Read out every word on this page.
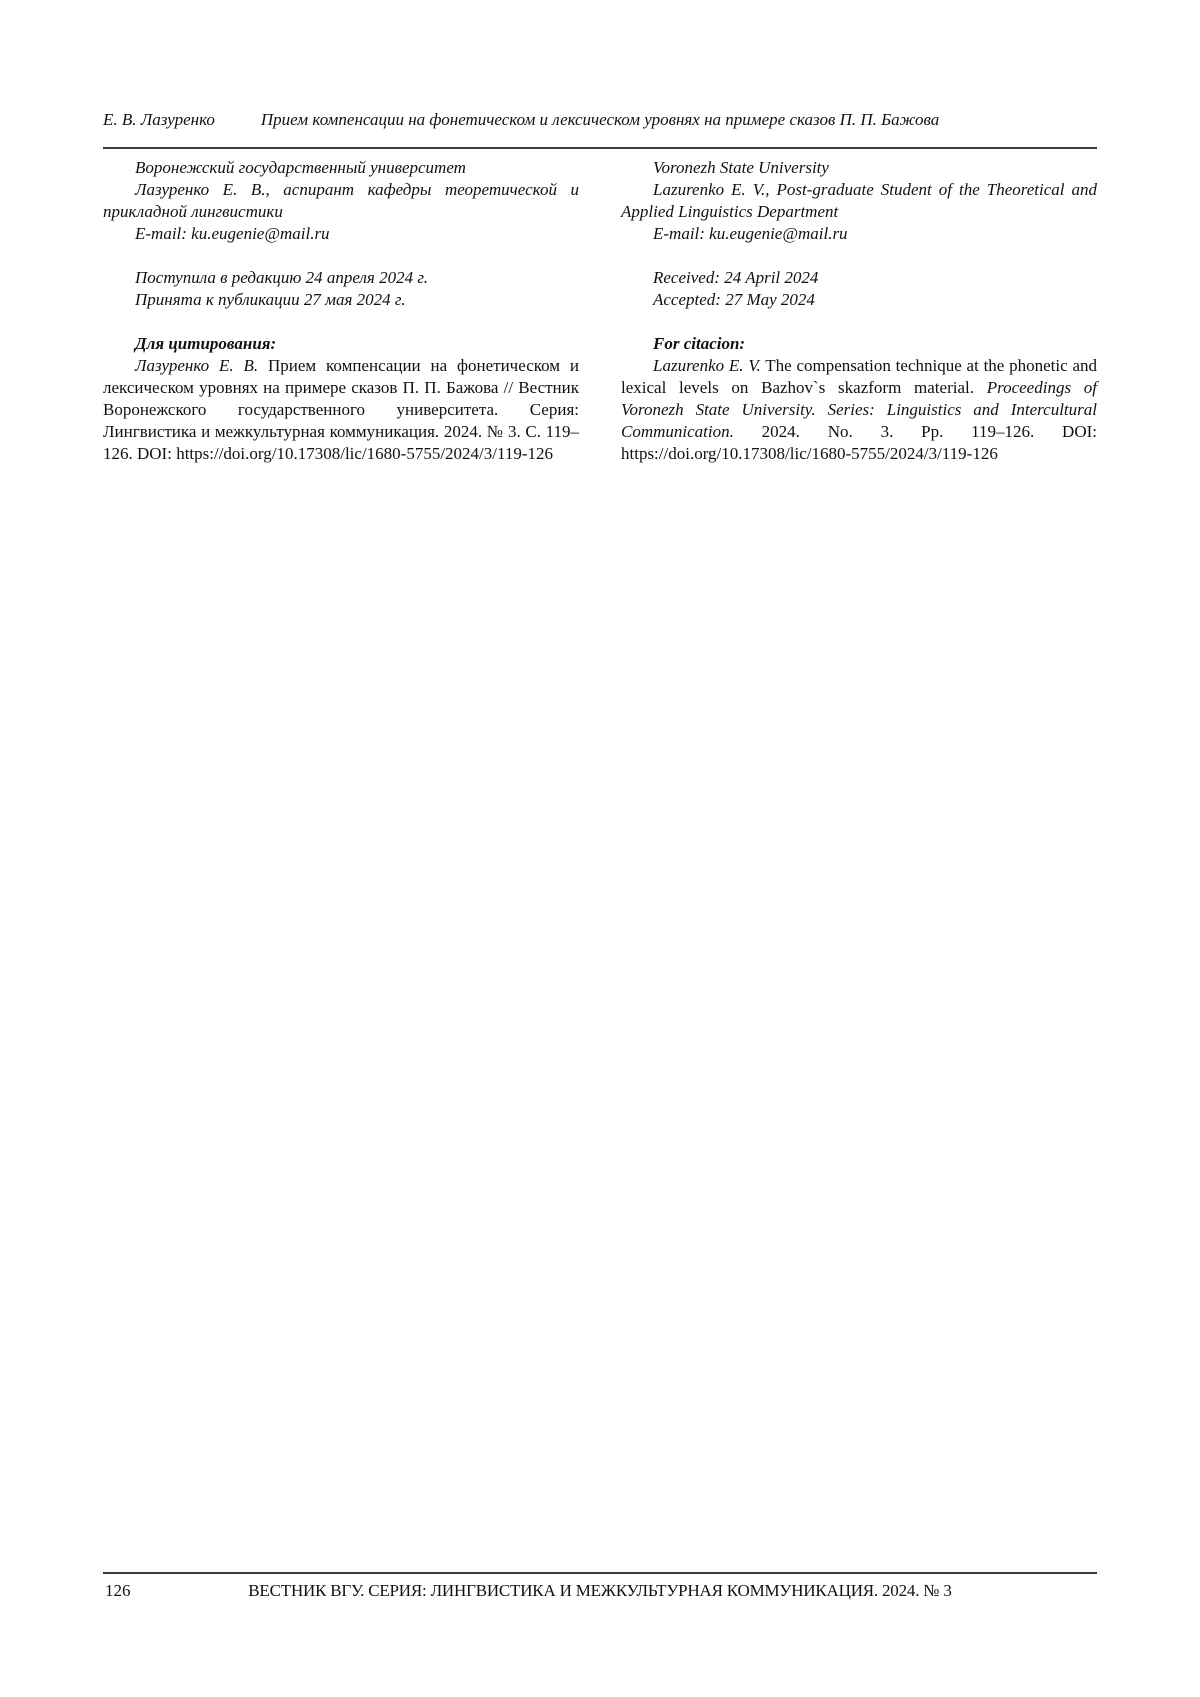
Е. В. Лазуренко	Прием компенсации на фонетическом и лексическом уровнях на примере сказов П. П. Бажова

Воронежский государственный университет

Лазуренко Е. В., аспирант кафедры теоретической и прикладной лингвистики

E-mail: ku.eugenie@mail.ru

Поступила в редакцию 24 апреля 2024 г.

Принята к публикации 27 мая 2024 г.

Для цитирования:

Лазуренко Е. В. Прием компенсации на фонетическом и лексическом уровнях на примере сказов П. П. Бажова // Вестник Воронежского государственного университета. Серия: Лингвистика и межкультурная коммуникация. 2024. № 3. С. 119–126. DOI: https://doi.org/10.17308/lic/1680-5755/2024/3/119-126

Voronezh State University

Lazurenko E. V., Post-graduate Student of the Theoretical and Applied Linguistics Department

E-mail: ku.eugenie@mail.ru

Received: 24 April 2024

Accepted: 27 May 2024

For citacion:

Lazurenko E. V. The compensation technique at the phonetic and lexical levels on Bazhov`s skazform material. Proceedings of Voronezh State University. Series: Linguistics and Intercultural Communication. 2024. No. 3. Pp. 119–126. DOI: https://doi.org/10.17308/lic/1680-5755/2024/3/119-126

126	ВЕСТНИК ВГУ. СЕРИЯ: ЛИНГВИСТИКА И МЕЖКУЛЬТУРНАЯ КОММУНИКАЦИЯ. 2024. № 3
